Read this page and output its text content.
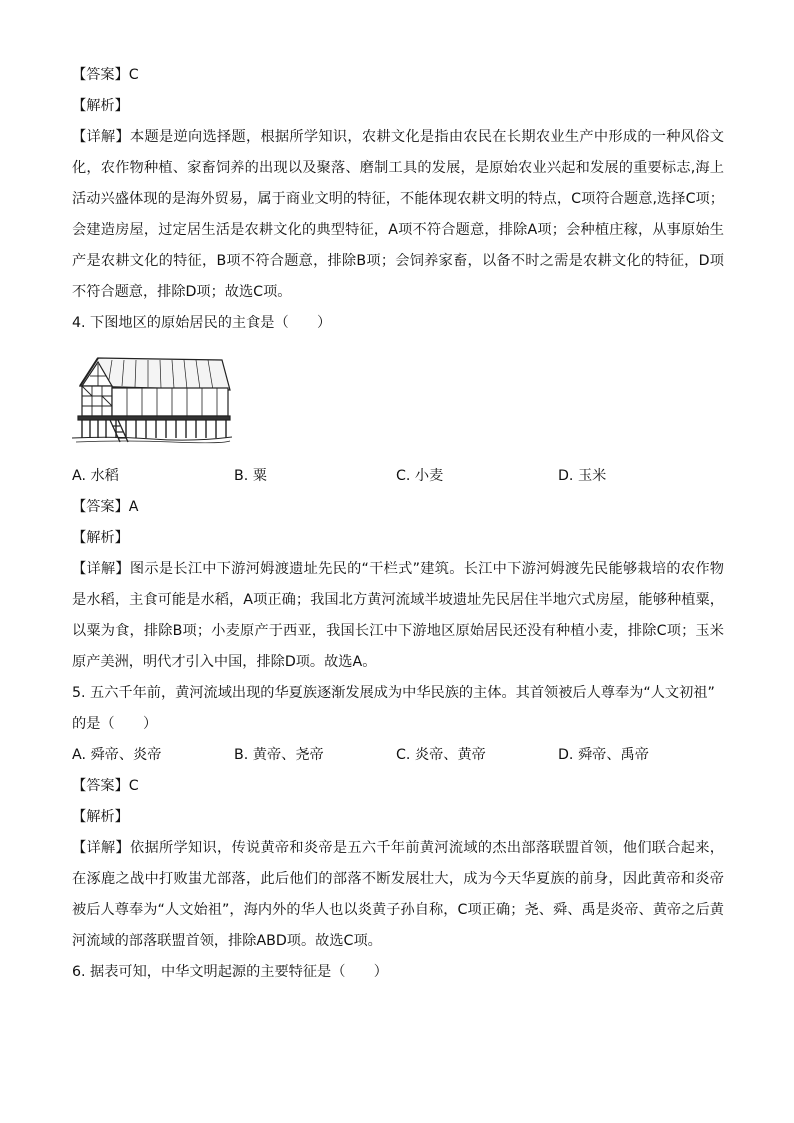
【答案】C
【解析】
【详解】本题是逆向选择题，根据所学知识，农耕文化是指由农民在长期农业生产中形成的一种风俗文化，农作物种植、家畜饲养的出现以及聚落、磨制工具的发展，是原始农业兴起和发展的重要标志,海上活动兴盛体现的是海外贸易，属于商业文明的特征，不能体现农耕文明的特点，C项符合题意,选择C项；会建造房屋，过定居生活是农耕文化的典型特征，A项不符合题意，排除A项；会种植庄稼，从事原始生产是农耕文化的特征，B项不符合题意，排除B项；会饲养家畜，以备不时之需是农耕文化的特征，D项不符合题意，排除D项；故选C项。
4. 下图地区的原始居民的主食是（　　）
A. 水稻	B. 粟	C. 小麦	D. 玉米
【答案】A
【解析】
【详解】图示是长江中下游河姆渡遗址先民的“干栏式”建筑。长江中下游河姆渡先民能够栽培的农作物是水稻，主食可能是水稻，A项正确；我国北方黄河流域半坡遗址先民居住半地穴式房屋，能够种植粟，以粟为食，排除B项；小麦原产于西亚，我国长江中下游地区原始居民还没有种植小麦，排除C项；玉米原产美洲，明代才引入中国，排除D项。故选A。
5. 五六千年前，黄河流域出现的华夏族逐渐发展成为中华民族的主体。其首领被后人尊奉为“人文初祖”
的是（　　）
A. 舜帝、炎帝	B. 黄帝、尧帝	C. 炎帝、黄帝	D. 舜帝、禹帝
【答案】C
【解析】
【详解】依据所学知识，传说黄帝和炎帝是五六千年前黄河流域的杰出部落联盟首领，他们联合起来，在涿鹿之战中打败蚩尤部落，此后他们的部落不断发展壮大，成为今天华夏族的前身，因此黄帝和炎帝被后人尊奉为“人文始祖”，海内外的华人也以炎黄子孙自称，C项正确；尧、舜、禹是炎帝、黄帝之后黄河流域的部落联盟首领，排除ABD项。故选C项。
6. 据表可知，中华文明起源的主要特征是（　　）
